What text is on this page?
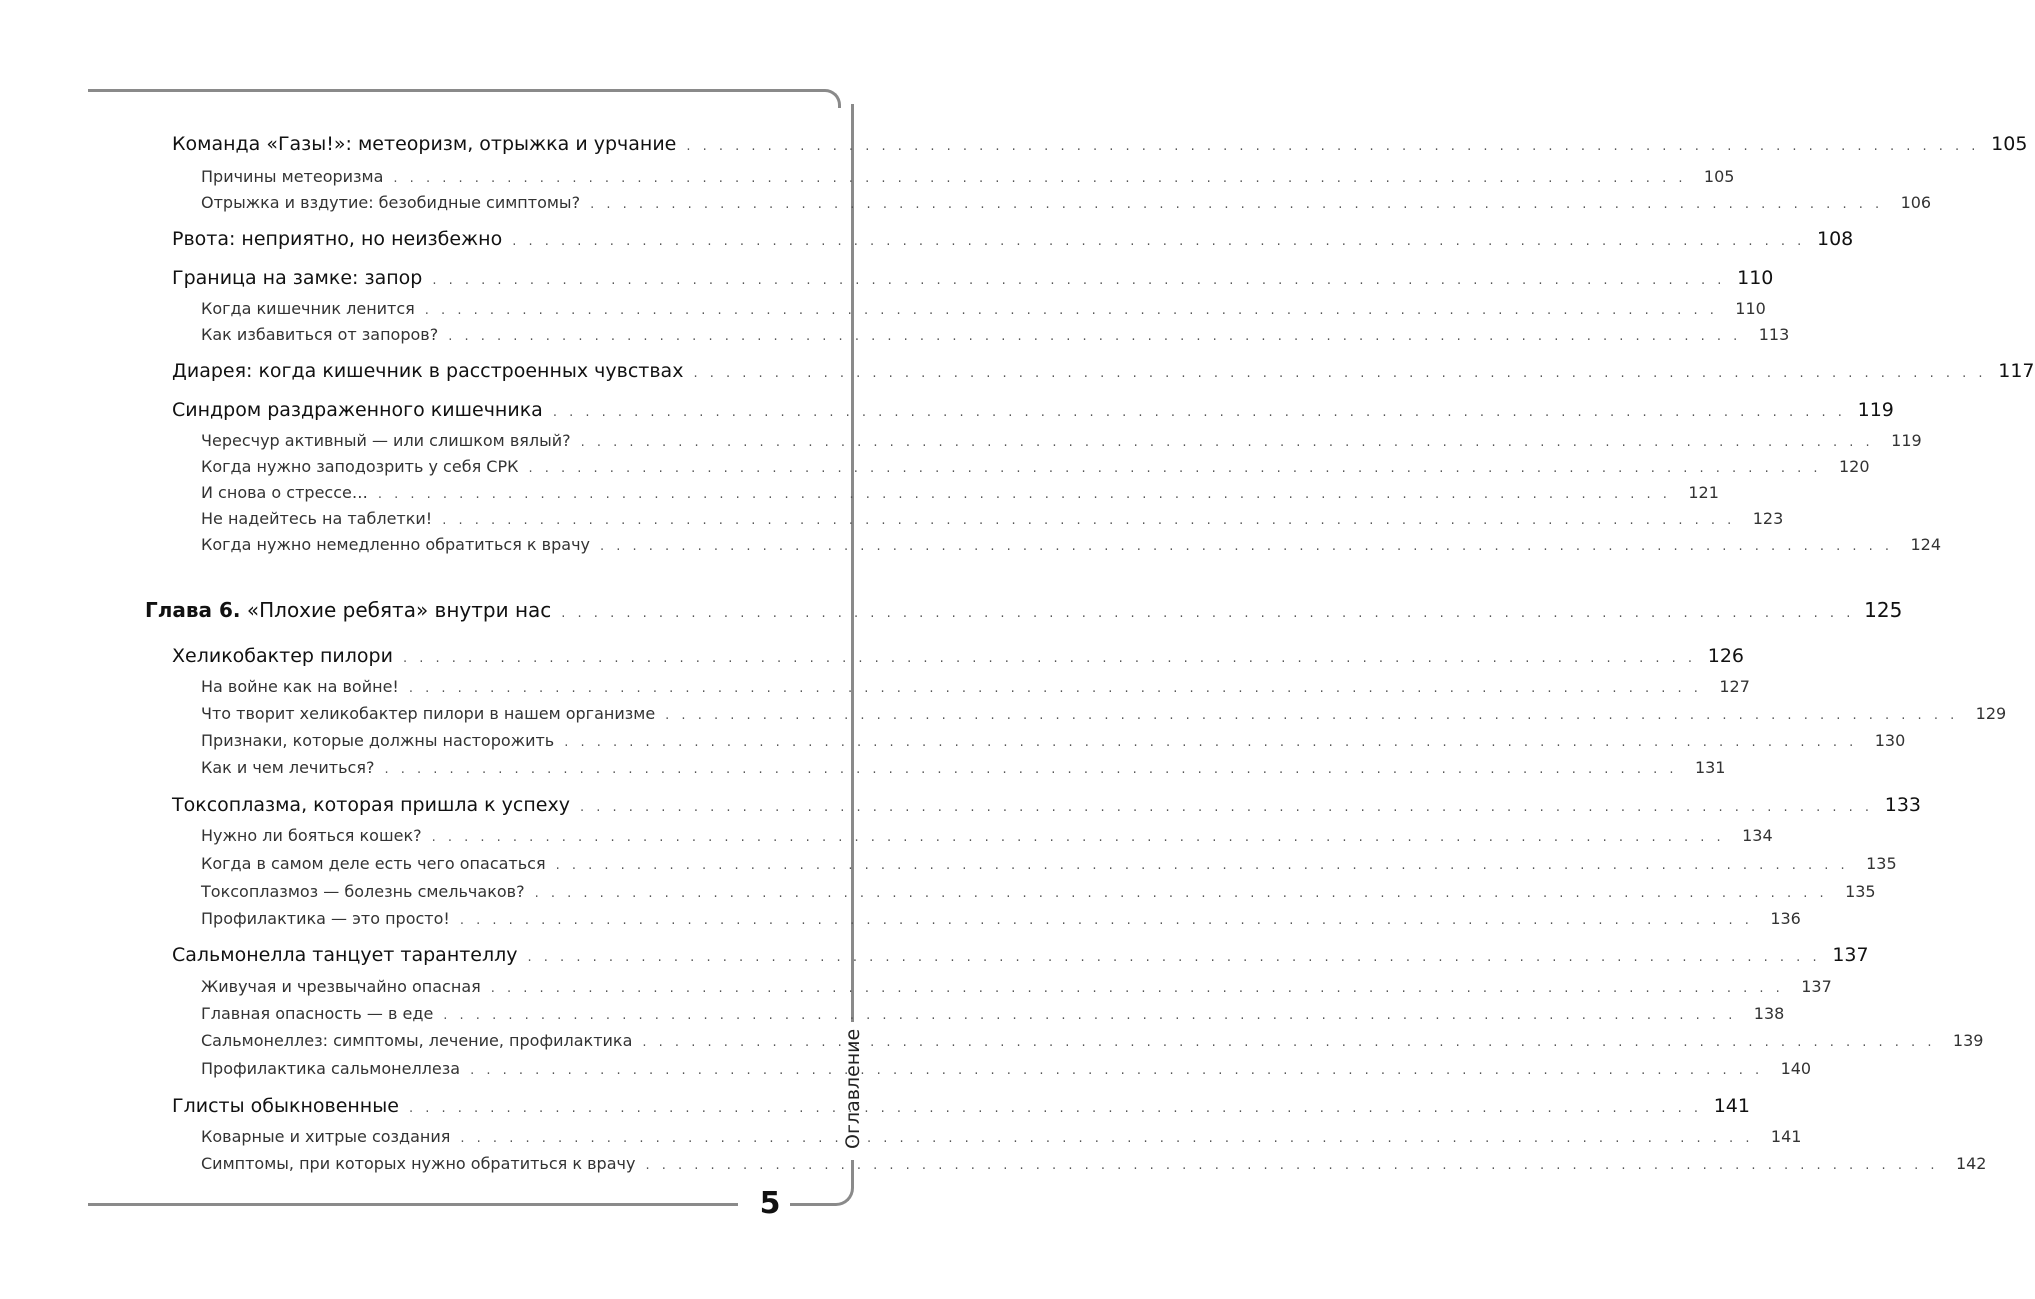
Оглавление
5
Команда «Газы!»: метеоризм, отрыжка и урчание . . . . . . . . . . . . . . . . . . . . . . . . . . . . . . . . . . . . . . . . . . . . . . . . . . . . . . . . . . . . . . . . . . . . . . . . . . . . . . . . 105
Причины метеоризма . . . . . . . . . . . . . . . . . . . . . . . . . . . . . . . . . . . . . . . . . . . . . . . . . . . . . . . . . . . . . . . . . . . . . . . . . . . . . . . .	105
Отрыжка и вздутие: безобидные симптомы? . . . . . . . . . . . . . . . . . . . . . . . . . . . . . . . . . . . . . . . . . . . . . . . . . . . . . . . . . . . . . . . . . . . . . . . . . . . . . . . .	106
Рвота: неприятно, но неизбежно . . . . . . . . . . . . . . . . . . . . . . . . . . . . . . . . . . . . . . . . . . . . . . . . . . . . . . . . . . . . . . . . . . . . . . . . . . . . . . . . 108
Граница на замке: запор . . . . . . . . . . . . . . . . . . . . . . . . . . . . . . . . . . . . . . . . . . . . . . . . . . . . . . . . . . . . . . . . . . . . . . . . . . . . . . . . 110
Когда кишечник ленится . . . . . . . . . . . . . . . . . . . . . . . . . . . . . . . . . . . . . . . . . . . . . . . . . . . . . . . . . . . . . . . . . . . . . . . . . . . . . . . .	110
Как избавиться от запоров? . . . . . . . . . . . . . . . . . . . . . . . . . . . . . . . . . . . . . . . . . . . . . . . . . . . . . . . . . . . . . . . . . . . . . . . . . . . . . . . .	113
Диарея: когда кишечник в расстроенных чувствах . . . . . . . . . . . . . . . . . . . . . . . . . . . . . . . . . . . . . . . . . . . . . . . . . . . . . . . . . . . . . . . . . . . . . . . . . . . . . . . . 117
Синдром раздраженного кишечника . . . . . . . . . . . . . . . . . . . . . . . . . . . . . . . . . . . . . . . . . . . . . . . . . . . . . . . . . . . . . . . . . . . . . . . . . . . . . . . . 119
Чересчур активный — или слишком вялый? . . . . . . . . . . . . . . . . . . . . . . . . . . . . . . . . . . . . . . . . . . . . . . . . . . . . . . . . . . . . . . . . . . . . . . . . . . . . . . . .	119
Когда нужно заподозрить у себя СРК . . . . . . . . . . . . . . . . . . . . . . . . . . . . . . . . . . . . . . . . . . . . . . . . . . . . . . . . . . . . . . . . . . . . . . . . . . . . . . . .	120
И снова о стрессе… . . . . . . . . . . . . . . . . . . . . . . . . . . . . . . . . . . . . . . . . . . . . . . . . . . . . . . . . . . . . . . . . . . . . . . . . . . . . . . . .	121
Не надейтесь на таблетки! . . . . . . . . . . . . . . . . . . . . . . . . . . . . . . . . . . . . . . . . . . . . . . . . . . . . . . . . . . . . . . . . . . . . . . . . . . . . . . . .	123
Когда нужно немедленно обратиться к врачу . . . . . . . . . . . . . . . . . . . . . . . . . . . . . . . . . . . . . . . . . . . . . . . . . . . . . . . . . . . . . . . . . . . . . . . . . . . . . . . .	124
Глава 6. «Плохие ребята» внутри нас . . . . . . . . . . . . . . . . . . . . . . . . . . . . . . . . . . . . . . . . . . . . . . . . . . . . . . . . . . . . . . . . . . . . . . . . . . . . . . . . 125
Хеликобактер пилори . . . . . . . . . . . . . . . . . . . . . . . . . . . . . . . . . . . . . . . . . . . . . . . . . . . . . . . . . . . . . . . . . . . . . . . . . . . . . . . . 126
На войне как на войне! . . . . . . . . . . . . . . . . . . . . . . . . . . . . . . . . . . . . . . . . . . . . . . . . . . . . . . . . . . . . . . . . . . . . . . . . . . . . . . . .	127
Что творит хеликобактер пилори в нашем организме . . . . . . . . . . . . . . . . . . . . . . . . . . . . . . . . . . . . . . . . . . . . . . . . . . . . . . . . . . . . . . . . . . . . . . . . . . . . . . . .	129
Признаки, которые должны насторожить . . . . . . . . . . . . . . . . . . . . . . . . . . . . . . . . . . . . . . . . . . . . . . . . . . . . . . . . . . . . . . . . . . . . . . . . . . . . . . . .	130
Как и чем лечиться? . . . . . . . . . . . . . . . . . . . . . . . . . . . . . . . . . . . . . . . . . . . . . . . . . . . . . . . . . . . . . . . . . . . . . . . . . . . . . . . .	131
Токсоплазма, которая пришла к успеху . . . . . . . . . . . . . . . . . . . . . . . . . . . . . . . . . . . . . . . . . . . . . . . . . . . . . . . . . . . . . . . . . . . . . . . . . . . . . . . . 133
Нужно ли бояться кошек? . . . . . . . . . . . . . . . . . . . . . . . . . . . . . . . . . . . . . . . . . . . . . . . . . . . . . . . . . . . . . . . . . . . . . . . . . . . . . . . .	134
Когда в самом деле есть чего опасаться . . . . . . . . . . . . . . . . . . . . . . . . . . . . . . . . . . . . . . . . . . . . . . . . . . . . . . . . . . . . . . . . . . . . . . . . . . . . . . . .	135
Токсоплазмоз — болезнь смельчаков? . . . . . . . . . . . . . . . . . . . . . . . . . . . . . . . . . . . . . . . . . . . . . . . . . . . . . . . . . . . . . . . . . . . . . . . . . . . . . . . .	135
Профилактика — это просто! . . . . . . . . . . . . . . . . . . . . . . . . . . . . . . . . . . . . . . . . . . . . . . . . . . . . . . . . . . . . . . . . . . . . . . . . . . . . . . . .	136
Сальмонелла танцует тарантеллу . . . . . . . . . . . . . . . . . . . . . . . . . . . . . . . . . . . . . . . . . . . . . . . . . . . . . . . . . . . . . . . . . . . . . . . . . . . . . . . . 137
Живучая и чрезвычайно опасная . . . . . . . . . . . . . . . . . . . . . . . . . . . . . . . . . . . . . . . . . . . . . . . . . . . . . . . . . . . . . . . . . . . . . . . . . . . . . . . .	137
Главная опасность — в еде . . . . . . . . . . . . . . . . . . . . . . . . . . . . . . . . . . . . . . . . . . . . . . . . . . . . . . . . . . . . . . . . . . . . . . . . . . . . . . . .	138
Сальмонеллез: симптомы, лечение, профилактика . . . . . . . . . . . . . . . . . . . . . . . . . . . . . . . . . . . . . . . . . . . . . . . . . . . . . . . . . . . . . . . . . . . . . . . . . . . . . . . .	139
Профилактика сальмонеллеза . . . . . . . . . . . . . . . . . . . . . . . . . . . . . . . . . . . . . . . . . . . . . . . . . . . . . . . . . . . . . . . . . . . . . . . . . . . . . . . .	140
Глисты обыкновенные . . . . . . . . . . . . . . . . . . . . . . . . . . . . . . . . . . . . . . . . . . . . . . . . . . . . . . . . . . . . . . . . . . . . . . . . . . . . . . . . 141
Коварные и хитрые создания . . . . . . . . . . . . . . . . . . . . . . . . . . . . . . . . . . . . . . . . . . . . . . . . . . . . . . . . . . . . . . . . . . . . . . . . . . . . . . . .	141
Симптомы, при которых нужно обратиться к врачу . . . . . . . . . . . . . . . . . . . . . . . . . . . . . . . . . . . . . . . . . . . . . . . . . . . . . . . . . . . . . . . . . . . . . . . . . . . . . . . .	142
